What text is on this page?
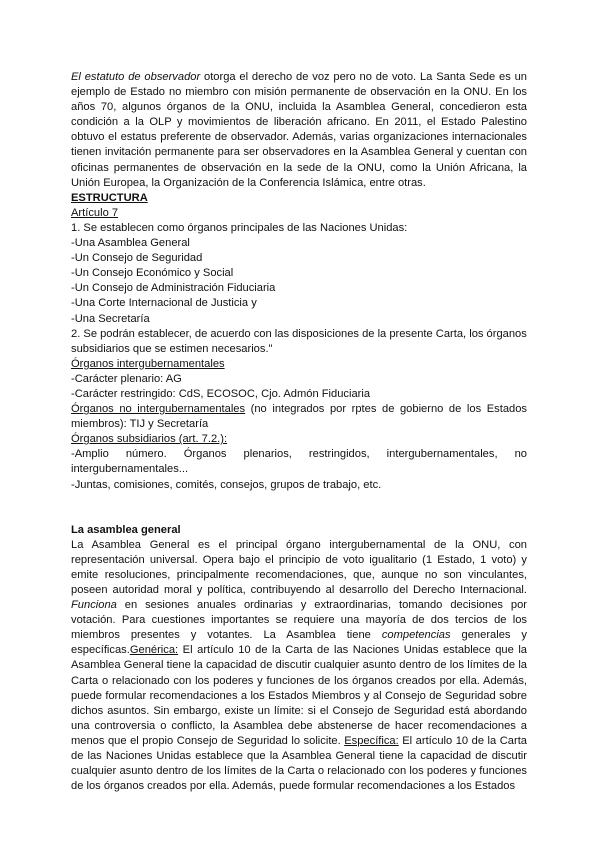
El estatuto de observador otorga el derecho de voz pero no de voto. La Santa Sede es un ejemplo de Estado no miembro con misión permanente de observación en la ONU. En los años 70, algunos órganos de la ONU, incluida la Asamblea General, concedieron esta condición a la OLP y movimientos de liberación africano. En 2011, el Estado Palestino obtuvo el estatus preferente de observador. Además, varias organizaciones internacionales tienen invitación permanente para ser observadores en la Asamblea General y cuentan con oficinas permanentes de observación en la sede de la ONU, como la Unión Africana, la Unión Europea, la Organización de la Conferencia Islámica, entre otras.

ESTRUCTURA

Artículo 7

1. Se establecen como órganos principales de las Naciones Unidas:

-Una Asamblea General

-Un Consejo de Seguridad

-Un Consejo Económico y Social

-Un Consejo de Administración Fiduciaria

-Una Corte Internacional de Justicia y

-Una Secretaría

2. Se podrán establecer, de acuerdo con las disposiciones de la presente Carta, los órganos subsidiarios que se estimen necesarios."

Órganos intergubernamentales

-Carácter plenario: AG

-Carácter restringido: CdS, ECOSOC, Cjo. Admón Fiduciaria

Órganos no intergubernamentales (no integrados por rptes de gobierno de los Estados miembros): TIJ y Secretaría

Órganos subsidiarios (art. 7.2.):

-Amplio número. Órganos plenarios, restringidos, intergubernamentales, no intergubernamentales...

-Juntas, comisiones, comités, consejos, grupos de trabajo, etc.

La asamblea general

La Asamblea General es el principal órgano intergubernamental de la ONU, con representación universal. Opera bajo el principio de voto igualitario (1 Estado, 1 voto) y emite resoluciones, principalmente recomendaciones, que, aunque no son vinculantes, poseen autoridad moral y política, contribuyendo al desarrollo del Derecho Internacional. Funciona en sesiones anuales ordinarias y extraordinarias, tomando decisiones por votación. Para cuestiones importantes se requiere una mayoría de dos tercios de los miembros presentes y votantes. La Asamblea tiene competencias generales y específicas.Genérica: El artículo 10 de la Carta de las Naciones Unidas establece que la Asamblea General tiene la capacidad de discutir cualquier asunto dentro de los límites de la Carta o relacionado con los poderes y funciones de los órganos creados por ella. Además, puede formular recomendaciones a los Estados Miembros y al Consejo de Seguridad sobre dichos asuntos. Sin embargo, existe un límite: si el Consejo de Seguridad está abordando una controversia o conflicto, la Asamblea debe abstenerse de hacer recomendaciones a menos que el propio Consejo de Seguridad lo solicite. Específica: El artículo 10 de la Carta de las Naciones Unidas establece que la Asamblea General tiene la capacidad de discutir cualquier asunto dentro de los límites de la Carta o relacionado con los poderes y funciones de los órganos creados por ella. Además, puede formular recomendaciones a los Estados
